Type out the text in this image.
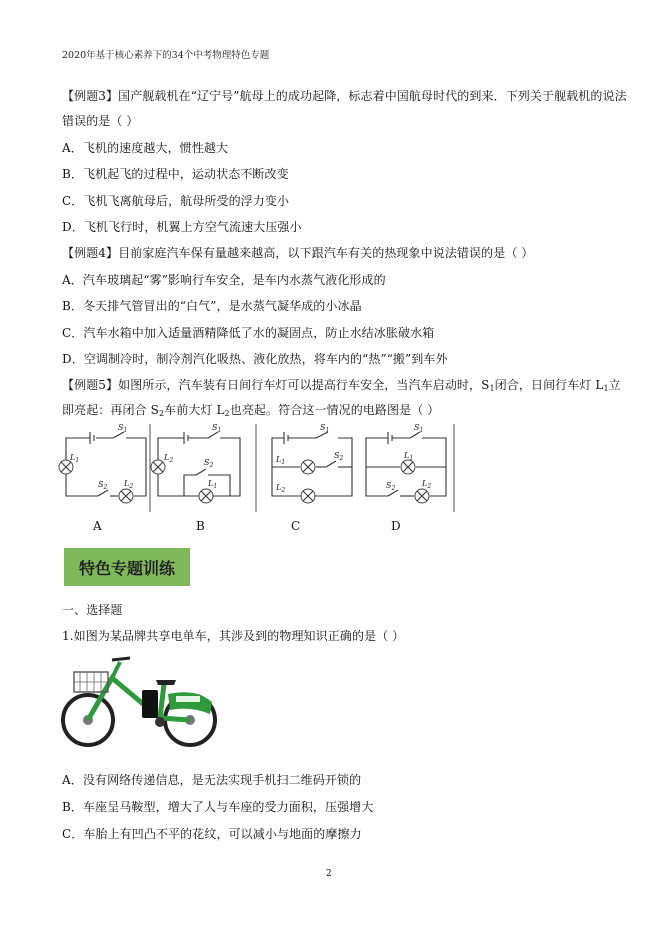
2020年基于核心素养下的34个中考物理特色专题
【例题3】国产舰载机在“辽宁号”航母上的成功起降，标志着中国航母时代的到来．下列关于舰载机的说法
错误的是（ ）
A．飞机的速度越大，惯性越大
B．飞机起飞的过程中，运动状态不断改变
C．飞机飞离航母后，航母所受的浮力变小
D．飞机飞行时，机翼上方空气流速大压强小
【例题4】目前家庭汽车保有量越来越高，以下跟汽车有关的热现象中说法错误的是（ ）
A．汽车玻璃起“雾”影响行车安全，是车内水蒸气液化形成的
B．冬天排气管冒出的“白气”，是水蒸气凝华成的小冰晶
C．汽车水箱中加入适量酒精降低了水的凝固点，防止水结冰胀破水箱
D．空调制冷时，制冷剂汽化吸热、液化放热，将车内的“热”“搬”到车外
【例题5】如图所示，汽车装有日间行车灯可以提高行车安全，当汽车启动时，$S_1$闭合，日间行车灯 $L_1$立
即亮起：再闭合 $S_2$车前大灯 $L_2$也亮起。符合这一情况的电路图是（ ）
$S_1$
$L_1$
$S_2$ $L_2$
$S_1$
$L_2$	$S_2$
$L_1$
$S_1$
$S_2$
$L_1$
$L_2$
$S_1$
$L_1$
$S_2$
$L_2$
A	B	C	D
特色专题训练
一、选择题
1.如图为某品牌共享电单车，其涉及到的物理知识正确的是（ ）
A．没有网络传递信息，是无法实现手机扫二维码开锁的
B．车座呈马鞍型，增大了人与车座的受力面积，压强增大
C．车胎上有凹凸不平的花纹，可以减小与地面的摩擦力
2
